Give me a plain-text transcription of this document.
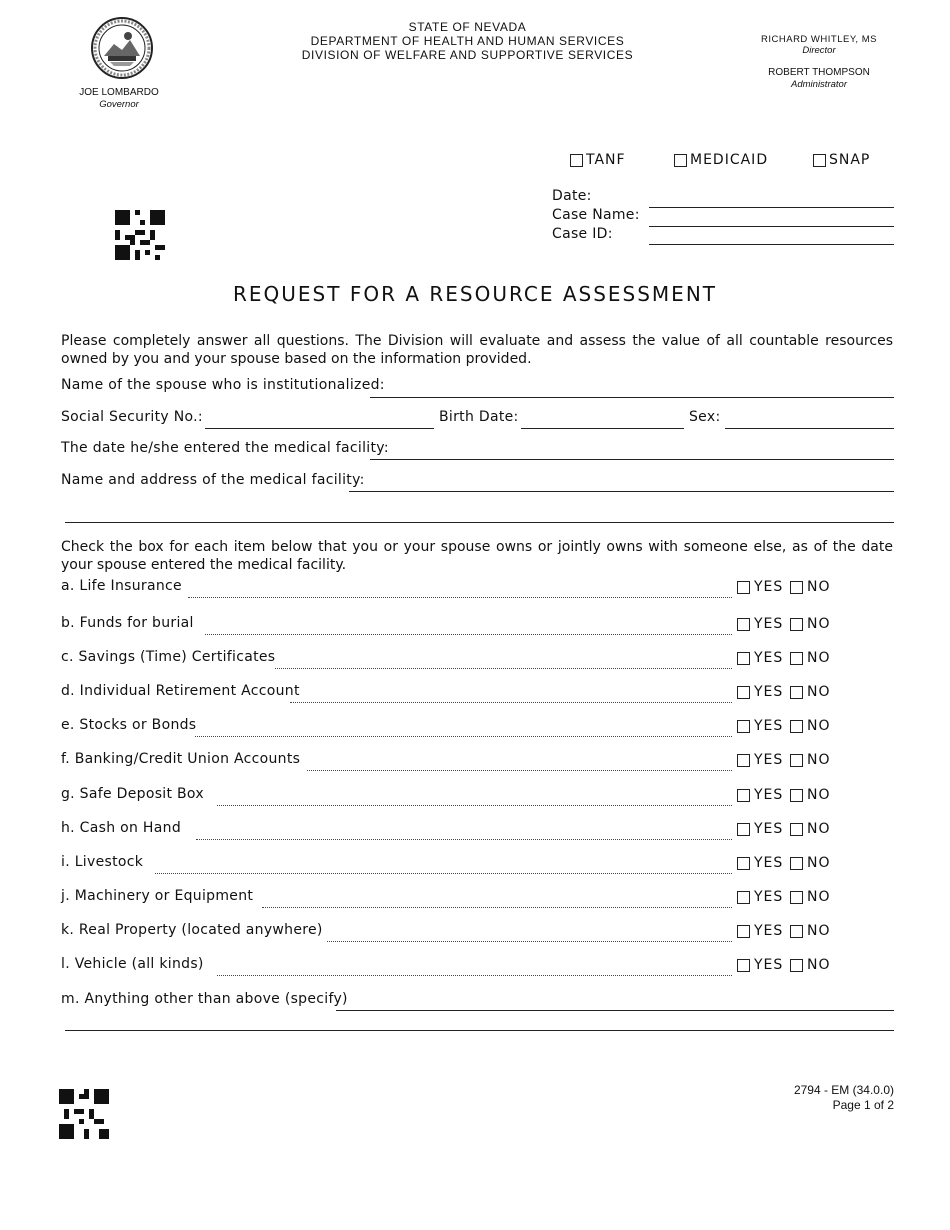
JOE LOMBARDO
Governor
STATE OF NEVADA
DEPARTMENT OF HEALTH AND HUMAN SERVICES
DIVISION OF WELFARE AND SUPPORTIVE SERVICES
RICHARD WHITLEY, MS
Director
ROBERT THOMPSON
Administrator
TANF	MEDICAID	SNAP
Date:
Case Name:
Case ID:
REQUEST FOR A RESOURCE ASSESSMENT
Please completely answer all questions. The Division will evaluate and assess the value of all countable resources owned by you and your spouse based on the information provided.
Name of the spouse who is institutionalized:
Social Security No.:	Birth Date:	Sex:
The date he/she entered the medical facility:
Name and address of the medical facility:
Check the box for each item below that you or your spouse owns or jointly owns with someone else, as of the date your spouse entered the medical facility.
a. Life Insurance	YES	NO
b. Funds for burial	YES	NO
c. Savings (Time) Certificates	YES	NO
d. Individual Retirement Account	YES	NO
e. Stocks or Bonds	YES	NO
f. Banking/Credit Union Accounts	YES	NO
g. Safe Deposit Box	YES	NO
h. Cash on Hand	YES	NO
i. Livestock	YES	NO
j. Machinery or Equipment	YES	NO
k. Real Property (located anywhere)	YES	NO
l. Vehicle (all kinds)	YES	NO
m. Anything other than above (specify)
2794 - EM (34.0.0)
Page 1 of 2
